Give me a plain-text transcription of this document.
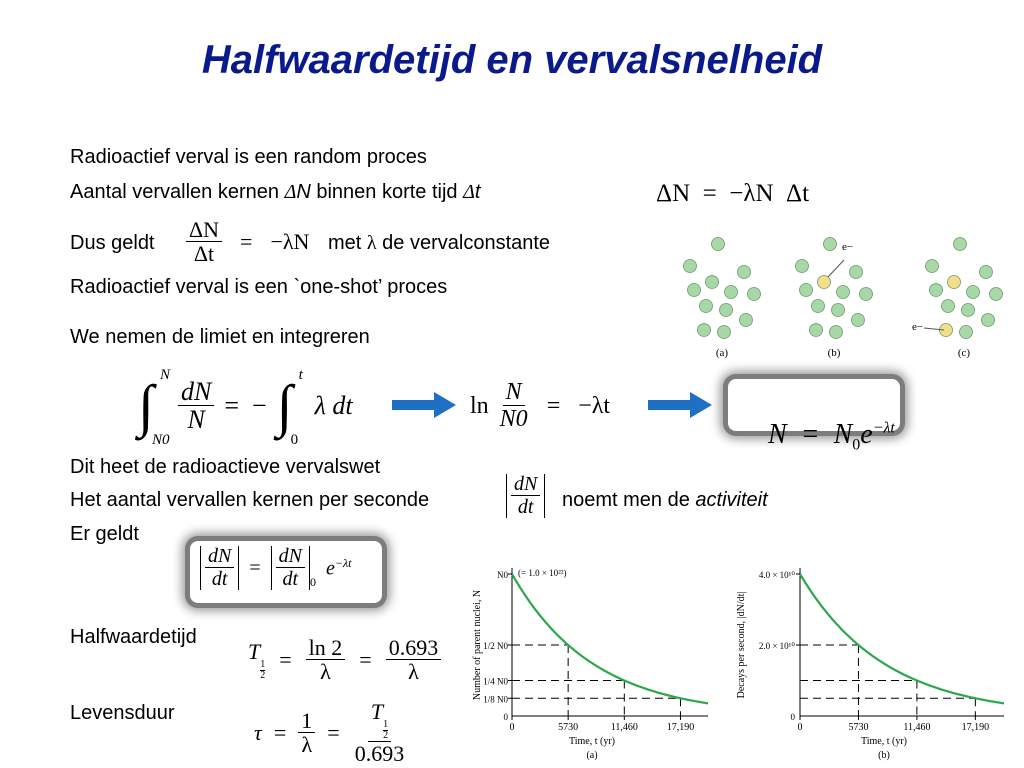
Halfwaardetijd en vervalsnelheid
Radioactief verval is een random proces
Aantal vervallen kernen ΔN binnen korte tijd Δt
Dus geldt	met λ de vervalconstante
Radioactief verval is een `one-shot’ proces
We nemen de limiet en integreren
Dit heet de radioactieve vervalswet
Het aantal vervallen kernen per seconde	noemt men de activiteit
Er geldt
Halfwaardetijd
Levensduur
ΔN  =  −λN  Δt
$\frac{\Delta N}{\Delta t} = -\lambda N$
∫ N
N0
$\frac{dN}{N}$ =  − ∫ t
0
λ dt	$\ln \frac{N}{N0} = -\lambda t$

$N = N_0e^{-\lambda t}$

$\frac{dN}{dt}$
$\frac{dN}{dt} = \frac{dN}{dt} 0$
$e^{-\lambda t}$
T
$\frac{1}{2} = \frac{\ln 2}{\lambda} = \frac{0.693}{\lambda}$
$\tau = \frac{1}{\lambda} = T$
$\frac{1}{2}$
0.693
(a)	(b)	(c)
e−
e−
0	5730	11,460	17,190
Time, t (yr)
(a)
Number of parent nuclei, N
N0
1/2 N0
1/4 N0
1/8 N0
0
(= 1.0 × 10²²)
0	5730	11,460	17,190
Time, t (yr)
(b)
Decays per second, |dN/dt|
4.0 × 10¹⁰
2.0 × 10¹⁰
0
